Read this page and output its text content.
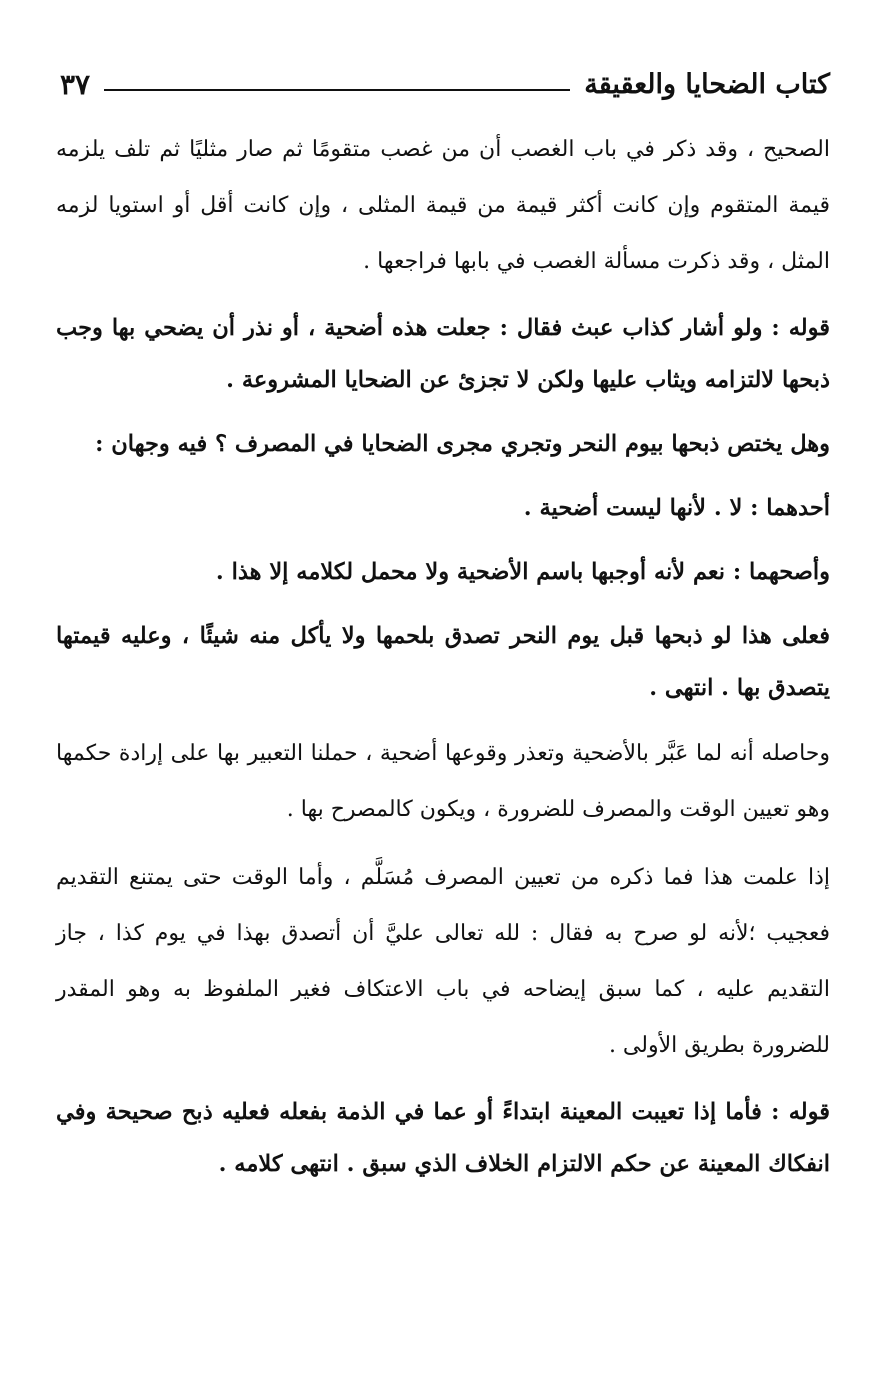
كتاب الضحايا والعقيقة
٣٧

الصحيح ، وقد ذكر في باب الغصب أن من غصب متقومًا ثم صار مثليًا ثم تلف يلزمه قيمة المتقوم وإن كانت أكثر قيمة من قيمة المثلى ، وإن كانت أقل أو استويا لزمه المثل ، وقد ذكرت مسألة الغصب في بابها فراجعها .

قوله : ولو أشار كذاب عبث فقال : جعلت هذه أضحية ، أو نذر أن يضحي بها وجب ذبحها لالتزامه ويثاب عليها ولكن لا تجزئ عن الضحايا المشروعة .

وهل يختص ذبحها بيوم النحر وتجري مجرى الضحايا في المصرف ؟ فيه وجهان :

أحدهما : لا . لأنها ليست أضحية .

وأصحهما : نعم لأنه أوجبها باسم الأضحية ولا محمل لكلامه إلا هذا .

فعلى هذا لو ذبحها قبل يوم النحر تصدق بلحمها ولا يأكل منه شيئًا ، وعليه قيمتها يتصدق بها . انتهى .

وحاصله أنه لما عَبَّر بالأضحية وتعذر وقوعها أضحية ، حملنا التعبير بها على إرادة حكمها وهو تعيين الوقت والمصرف للضرورة ، ويكون كالمصرح بها .

إذا علمت هذا فما ذكره من تعيين المصرف مُسَلَّم ، وأما الوقت حتى يمتنع التقديم فعجيب ؛لأنه لو صرح به فقال : لله تعالى عليَّ أن أتصدق بهذا في يوم كذا ، جاز التقديم عليه ، كما سبق إيضاحه في باب الاعتكاف فغير الملفوظ به وهو المقدر للضرورة بطريق الأولى .

قوله : فأما إذا تعيبت المعينة ابتداءً أو عما في الذمة بفعله فعليه ذبح صحيحة وفي انفكاك المعينة عن حكم الالتزام الخلاف الذي سبق . انتهى كلامه .
